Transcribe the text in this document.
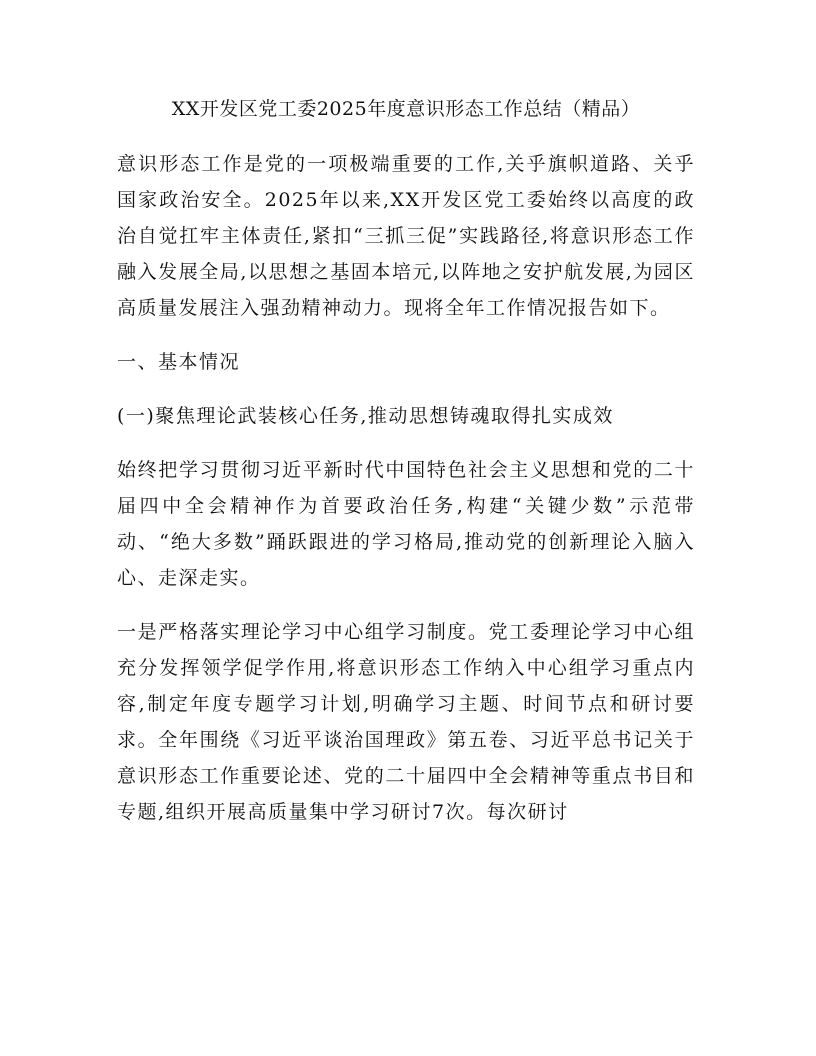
XX开发区党工委2025年度意识形态工作总结（精品）

意识形态工作是党的一项极端重要的工作,关乎旗帜道路、关乎国家政治安全。2025年以来,XX开发区党工委始终以高度的政治自觉扛牢主体责任,紧扣“三抓三促”实践路径,将意识形态工作融入发展全局,以思想之基固本培元,以阵地之安护航发展,为园区高质量发展注入强劲精神动力。现将全年工作情况报告如下。

一、基本情况

(一)聚焦理论武装核心任务,推动思想铸魂取得扎实成效

始终把学习贯彻习近平新时代中国特色社会主义思想和党的二十届四中全会精神作为首要政治任务,构建“关键少数”示范带动、“绝大多数”踊跃跟进的学习格局,推动党的创新理论入脑入心、走深走实。

一是严格落实理论学习中心组学习制度。党工委理论学习中心组充分发挥领学促学作用,将意识形态工作纳入中心组学习重点内容,制定年度专题学习计划,明确学习主题、时间节点和研讨要求。全年围绕《习近平谈治国理政》第五卷、习近平总书记关于意识形态工作重要论述、党的二十届四中全会精神等重点书目和专题,组织开展高质量集中学习研讨7次。每次研讨
